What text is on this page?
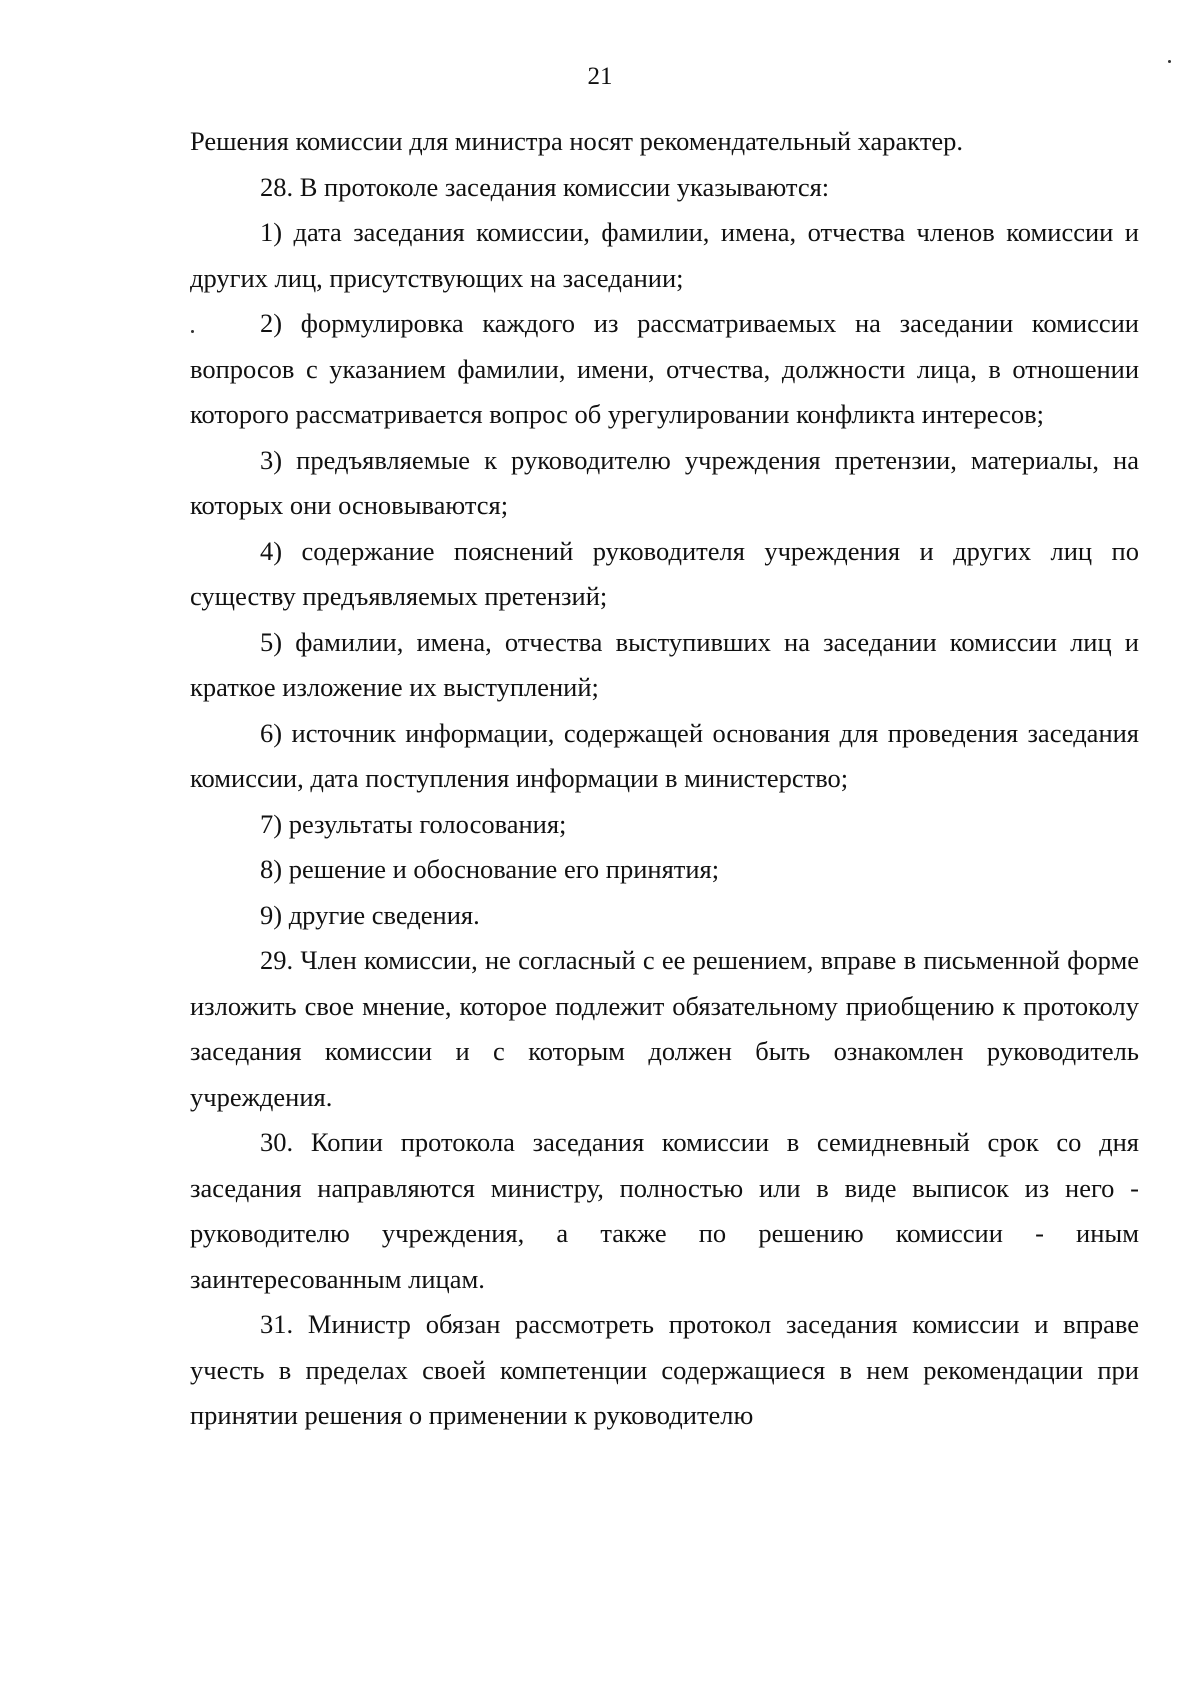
21

Решения комиссии для министра носят рекомендательный характер.

28. В протоколе заседания комиссии указываются:

1) дата заседания комиссии, фамилии, имена, отчества членов комиссии и других лиц, присутствующих на заседании;

2) формулировка каждого из рассматриваемых на заседании комиссии вопросов с указанием фамилии, имени, отчества, должности лица, в отношении которого рассматривается вопрос об урегулировании конфликта интересов;

3) предъявляемые к руководителю учреждения претензии, материалы, на которых они основываются;

4) содержание пояснений руководителя учреждения и других лиц по существу предъявляемых претензий;

5) фамилии, имена, отчества выступивших на заседании комиссии лиц и краткое изложение их выступлений;

6) источник информации, содержащей основания для проведения заседания комиссии, дата поступления информации в министерство;

7) результаты голосования;

8) решение и обоснование его принятия;

9) другие сведения.

29. Член комиссии, не согласный с ее решением, вправе в письменной форме изложить свое мнение, которое подлежит обязательному приобщению к протоколу заседания комиссии и с которым должен быть ознакомлен руководитель учреждения.

30. Копии протокола заседания комиссии в семидневный срок со дня заседания направляются министру, полностью или в виде выписок из него - руководителю учреждения, а также по решению комиссии - иным заинтересованным лицам.

31. Министр обязан рассмотреть протокол заседания комиссии и вправе учесть в пределах своей компетенции содержащиеся в нем рекомендации при принятии решения о применении к руководителю
